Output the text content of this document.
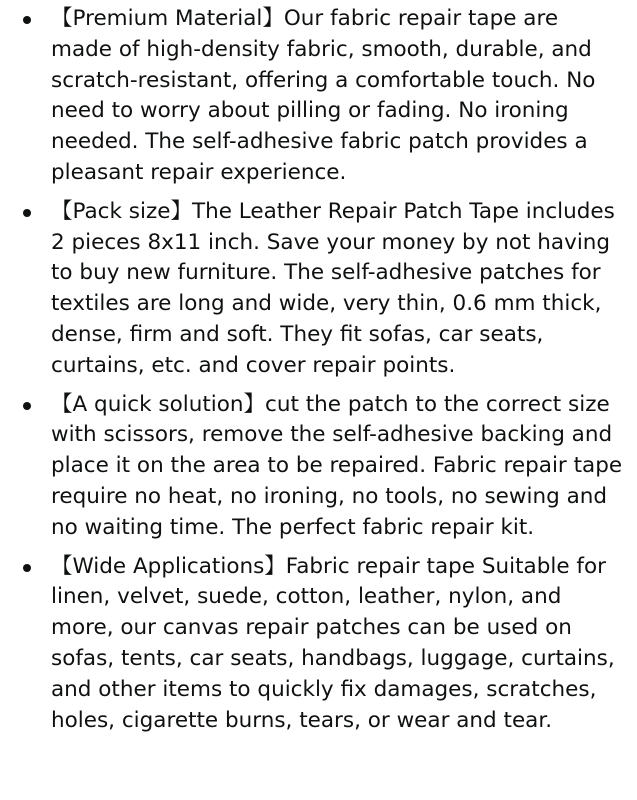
【Premium Material】Our fabric repair tape are made of high-density fabric, smooth, durable, and scratch-resistant, offering a comfortable touch. No need to worry about pilling or fading. No ironing needed. The self-adhesive fabric patch provides a pleasant repair experience.
【Pack size】The Leather Repair Patch Tape includes 2 pieces 8x11 inch. Save your money by not having to buy new furniture. The self-adhesive patches for textiles are long and wide, very thin, 0.6 mm thick, dense, firm and soft. They fit sofas, car seats, curtains, etc. and cover repair points.
【A quick solution】cut the patch to the correct size with scissors, remove the self-adhesive backing and place it on the area to be repaired. Fabric repair tape require no heat, no ironing, no tools, no sewing and no waiting time. The perfect fabric repair kit.
【Wide Applications】Fabric repair tape Suitable for linen, velvet, suede, cotton, leather, nylon, and more, our canvas repair patches can be used on sofas, tents, car seats, handbags, luggage, curtains, and other items to quickly fix damages, scratches, holes, cigarette burns, tears, or wear and tear.
